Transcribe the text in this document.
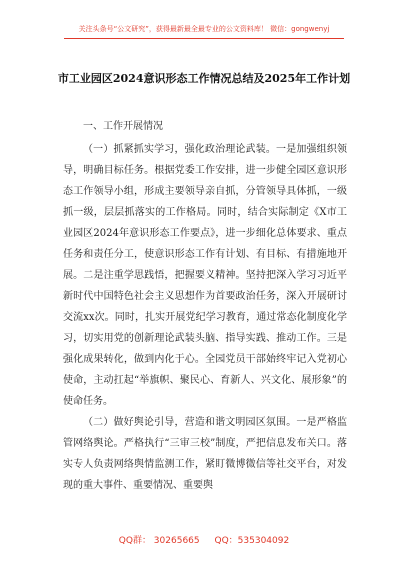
关注头条号“公文研究”，获得最新最全最专业的公文资料库！ 微信：gongwenyj
市工业园区2024意识形态工作情况总结及2025年工作计划

一、工作开展情况

（一）抓紧抓实学习，强化政治理论武装。一是加强组织领导，明确目标任务。根据党委工作安排，进一步健全园区意识形态工作领导小组，形成主要领导亲自抓，分管领导具体抓，一级抓一级，层层抓落实的工作格局。同时，结合实际制定《X市工业园区2024年意识形态工作要点》，进一步细化总体要求、重点任务和责任分工，使意识形态工作有计划、有目标、有措施地开展。二是注重学思践悟，把握要义精神。坚持把深入学习习近平新时代中国特色社会主义思想作为首要政治任务，深入开展研讨交流xx次。同时，扎实开展党纪学习教育，通过常态化制度化学习，切实用党的创新理论武装头脑、指导实践、推动工作。三是强化成果转化，做到内化于心。全园党员干部始终牢记入党初心使命，主动扛起“举旗帜、聚民心、育新人、兴文化、展形象”的使命任务。

（二）做好舆论引导，营造和谐文明园区氛围。一是严格监管网络舆论。严格执行“三审三校”制度，严把信息发布关口。落实专人负责网络舆情监测工作，紧盯微博微信等社交平台，对发现的重大事件、重要情况、重要舆

QQ群： 30265665 QQ：535304092
